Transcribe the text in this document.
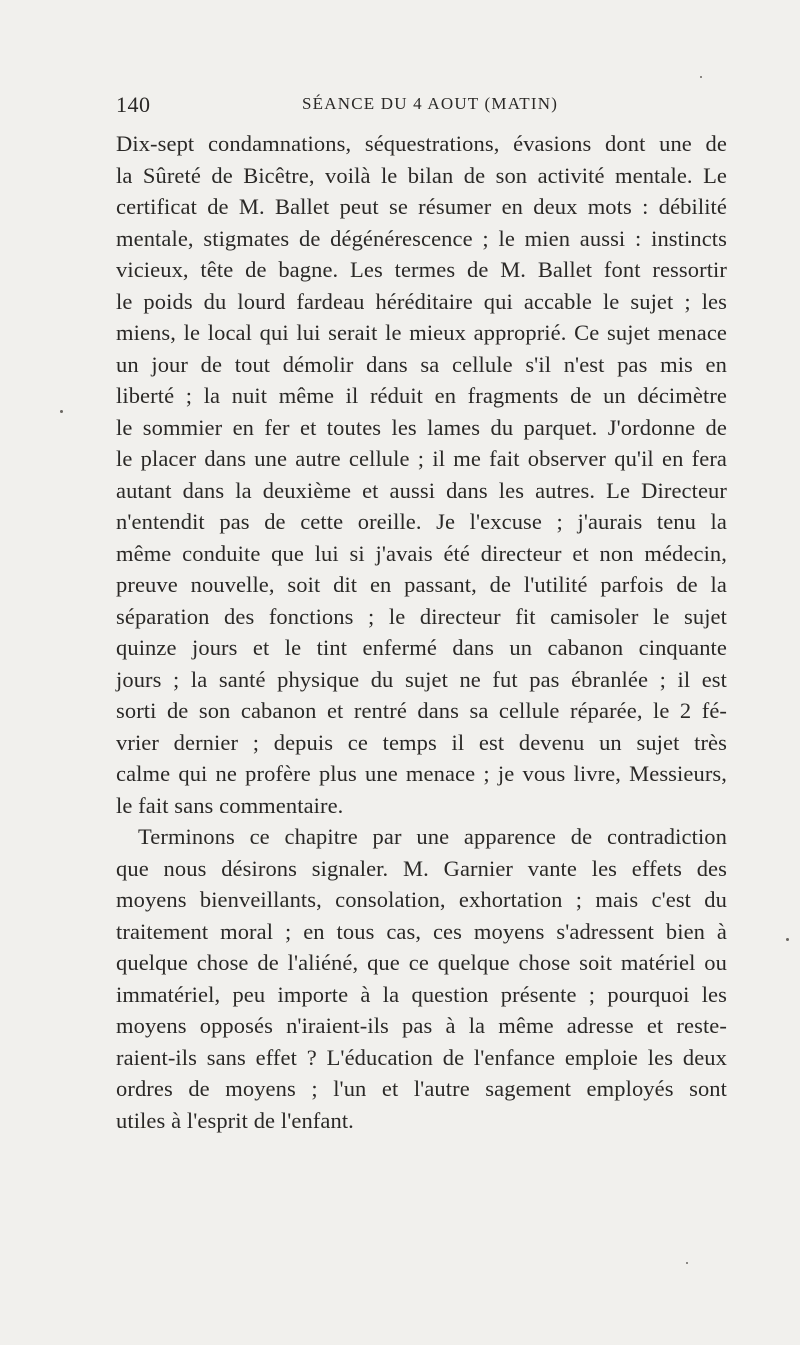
140	SÉANCE DU 4 AOUT (MATIN)
Dix-sept condamnations, séquestrations, évasions dont une de
la Sûreté de Bicêtre, voilà le bilan de son activité mentale. Le
certificat de M. Ballet peut se résumer en deux mots : débilité
mentale, stigmates de dégénérescence ; le mien aussi : instincts
vicieux, tête de bagne. Les termes de M. Ballet font ressortir
le poids du lourd fardeau héréditaire qui accable le sujet ; les
miens, le local qui lui serait le mieux approprié. Ce sujet menace
un jour de tout démolir dans sa cellule s'il n'est pas mis en
liberté ; la nuit même il réduit en fragments de un décimètre
le sommier en fer et toutes les lames du parquet. J'ordonne de
le placer dans une autre cellule ; il me fait observer qu'il en fera
autant dans la deuxième et aussi dans les autres. Le Directeur
n'entendit pas de cette oreille. Je l'excuse ; j'aurais tenu la
même conduite que lui si j'avais été directeur et non médecin,
preuve nouvelle, soit dit en passant, de l'utilité parfois de la
séparation des fonctions ; le directeur fit camisoler le sujet
quinze jours et le tint enfermé dans un cabanon cinquante
jours ; la santé physique du sujet ne fut pas ébranlée ; il est
sorti de son cabanon et rentré dans sa cellule réparée, le 2 fé-
vrier dernier ; depuis ce temps il est devenu un sujet très
calme qui ne profère plus une menace ; je vous livre, Messieurs,
le fait sans commentaire.
Terminons ce chapitre par une apparence de contradiction
que nous désirons signaler. M. Garnier vante les effets des
moyens bienveillants, consolation, exhortation ; mais c'est du
traitement moral ; en tous cas, ces moyens s'adressent bien à
quelque chose de l'aliéné, que ce quelque chose soit matériel ou
immatériel, peu importe à la question présente ; pourquoi les
moyens opposés n'iraient-ils pas à la même adresse et reste-
raient-ils sans effet ? L'éducation de l'enfance emploie les deux
ordres de moyens ; l'un et l'autre sagement employés sont
utiles à l'esprit de l'enfant.
